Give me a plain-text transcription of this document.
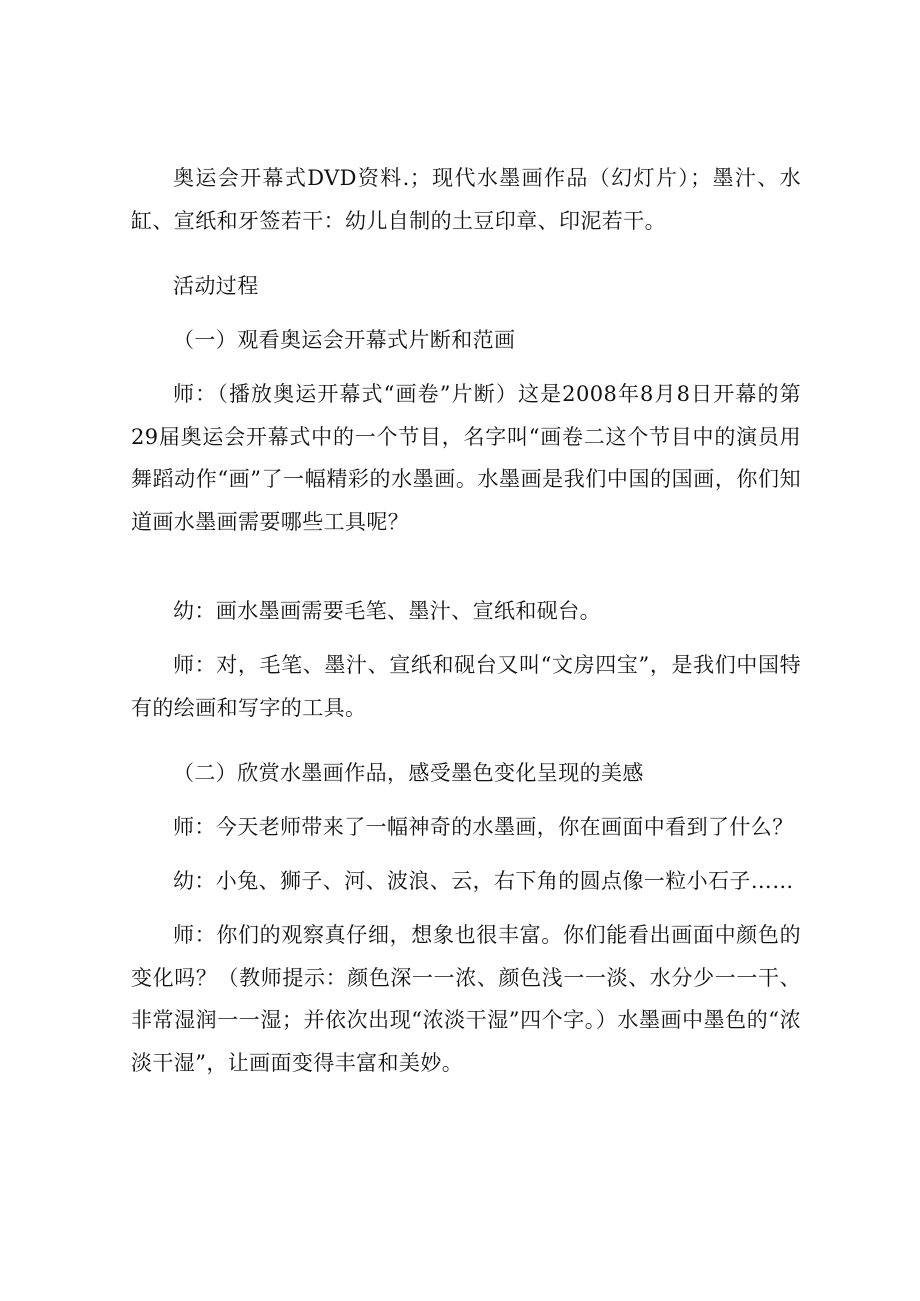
奥运会开幕式DVD资料.；现代水墨画作品（幻灯片）；墨汁、水缸、宣纸和牙签若干：幼儿自制的土豆印章、印泥若干。

活动过程

（一）观看奥运会开幕式片断和范画

师：（播放奥运开幕式“画卷”片断）这是2008年8月8日开幕的第29届奥运会开幕式中的一个节目，名字叫“画卷二这个节目中的演员用舞蹈动作“画”了一幅精彩的水墨画。水墨画是我们中国的国画，你们知道画水墨画需要哪些工具呢？

幼：画水墨画需要毛笔、墨汁、宣纸和砚台。

师：对，毛笔、墨汁、宣纸和砚台又叫“文房四宝”，是我们中国特有的绘画和写字的工具。

（二）欣赏水墨画作品，感受墨色变化呈现的美感

师：今天老师带来了一幅神奇的水墨画，你在画面中看到了什么？

幼：小兔、狮子、河、波浪、云，右下角的圆点像一粒小石子……

师：你们的观察真仔细，想象也很丰富。你们能看出画面中颜色的变化吗？（教师提示：颜色深一一浓、颜色浅一一淡、水分少一一干、非常湿润一一湿；并依次出现“浓淡干湿”四个字。）水墨画中墨色的“浓淡干湿”，让画面变得丰富和美妙。
